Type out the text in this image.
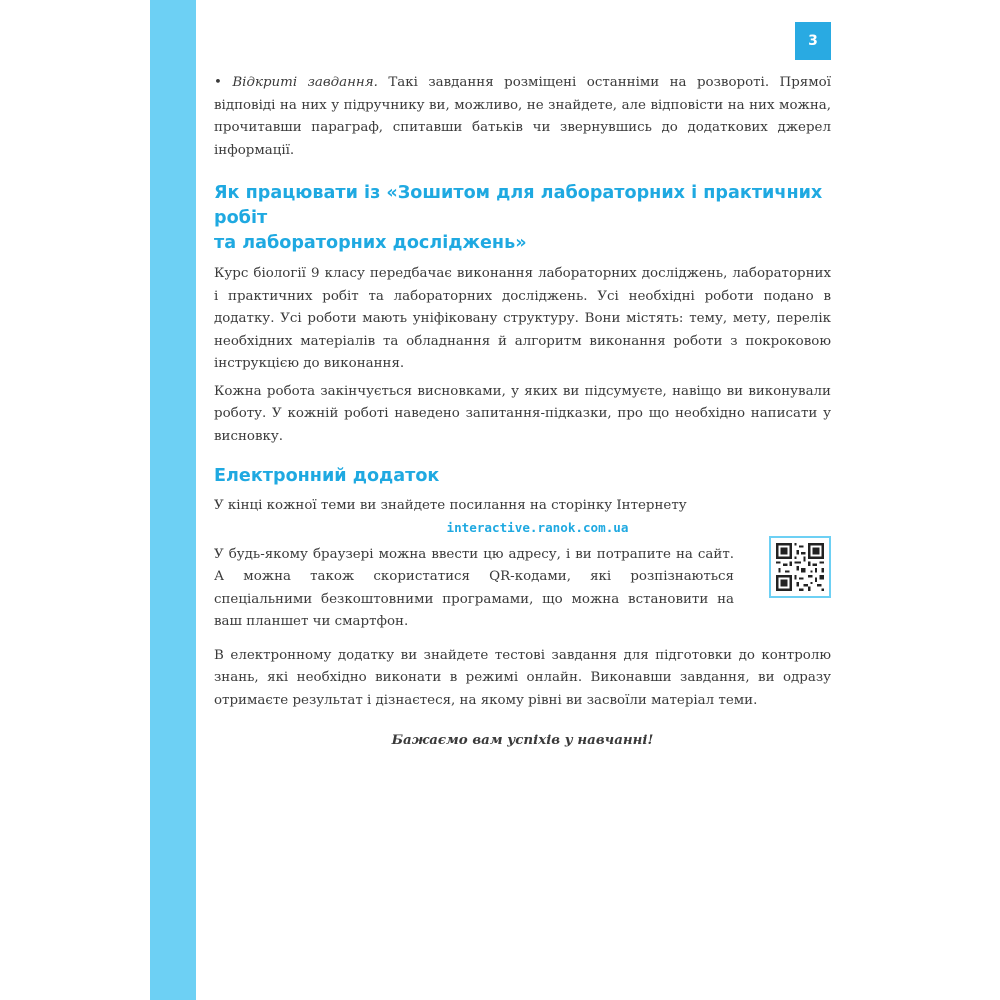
3

• Відкриті завдання. Такі завдання розміщені останніми на розвороті. Прямої відповіді на них у підручнику ви, можливо, не знайдете, але відповісти на них можна, прочитавши параграф, спитавши батьків чи звернувшись до додаткових джерел інформації.

Як працювати із «Зошитом для лабораторних і практичних робіт
та лабораторних досліджень»

Курс біології 9 класу передбачає виконання лабораторних досліджень, лабораторних і практичних робіт та лабораторних досліджень. Усі необхідні роботи подано в додатку. Усі роботи мають уніфіковану структуру. Вони містять: тему, мету, перелік необхідних матеріалів та обладнання й алгоритм виконання роботи з покроковою інструкцією до виконання.

Кожна робота закінчується висновками, у яких ви підсумуєте, навіщо ви виконували роботу. У кожній роботі наведено запитання-підказки, про що необхідно написати у висновку.

Електронний додаток

У кінці кожної теми ви знайдете посилання на сторінку Інтернету

interactive.ranok.com.ua

У будь-якому браузері можна ввести цю адресу, і ви потрапите на сайт. А можна також скористатися QR-кодами, які розпізнаються спеціальними безкоштовними програмами, що можна встановити на ваш планшет чи смартфон.

В електронному додатку ви знайдете тестові завдання для підготовки до контролю знань, які необхідно виконати в режимі онлайн. Виконавши завдання, ви одразу отримаєте результат і дізнаєтеся, на якому рівні ви засвоїли матеріал теми.

Бажаємо вам успіхів у навчанні!
